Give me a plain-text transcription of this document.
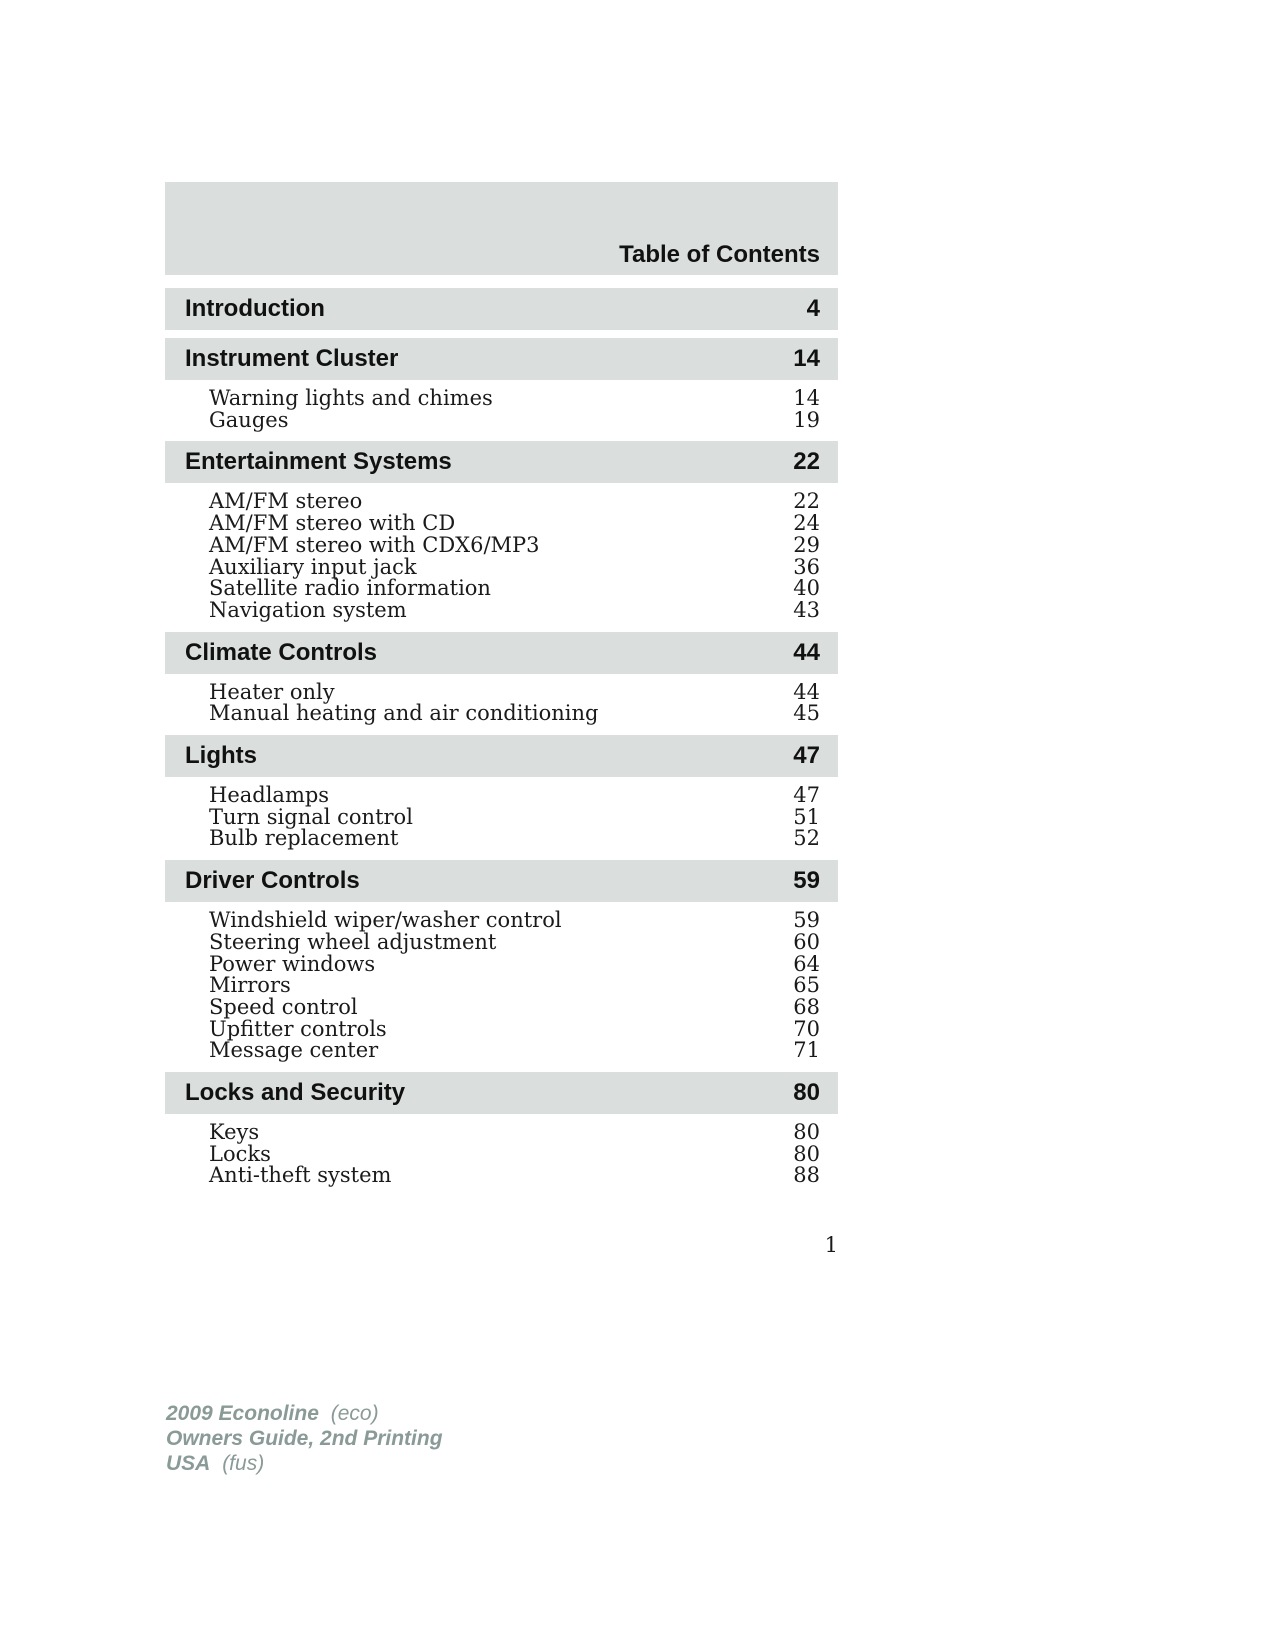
Table of Contents
Introduction	4
Instrument Cluster	14
Warning lights and chimes	14
Gauges	19
Entertainment Systems	22
AM/FM stereo	22
AM/FM stereo with CD	24
AM/FM stereo with CDX6/MP3	29
Auxiliary input jack	36
Satellite radio information	40
Navigation system	43
Climate Controls	44
Heater only	44
Manual heating and air conditioning	45
Lights	47
Headlamps	47
Turn signal control	51
Bulb replacement	52
Driver Controls	59
Windshield wiper/washer control	59
Steering wheel adjustment	60
Power windows	64
Mirrors	65
Speed control	68
Upfitter controls	70
Message center	71
Locks and Security	80
Keys	80
Locks	80
Anti-theft system	88
1
2009 Econoline (eco)
Owners Guide, 2nd Printing
USA (fus)
